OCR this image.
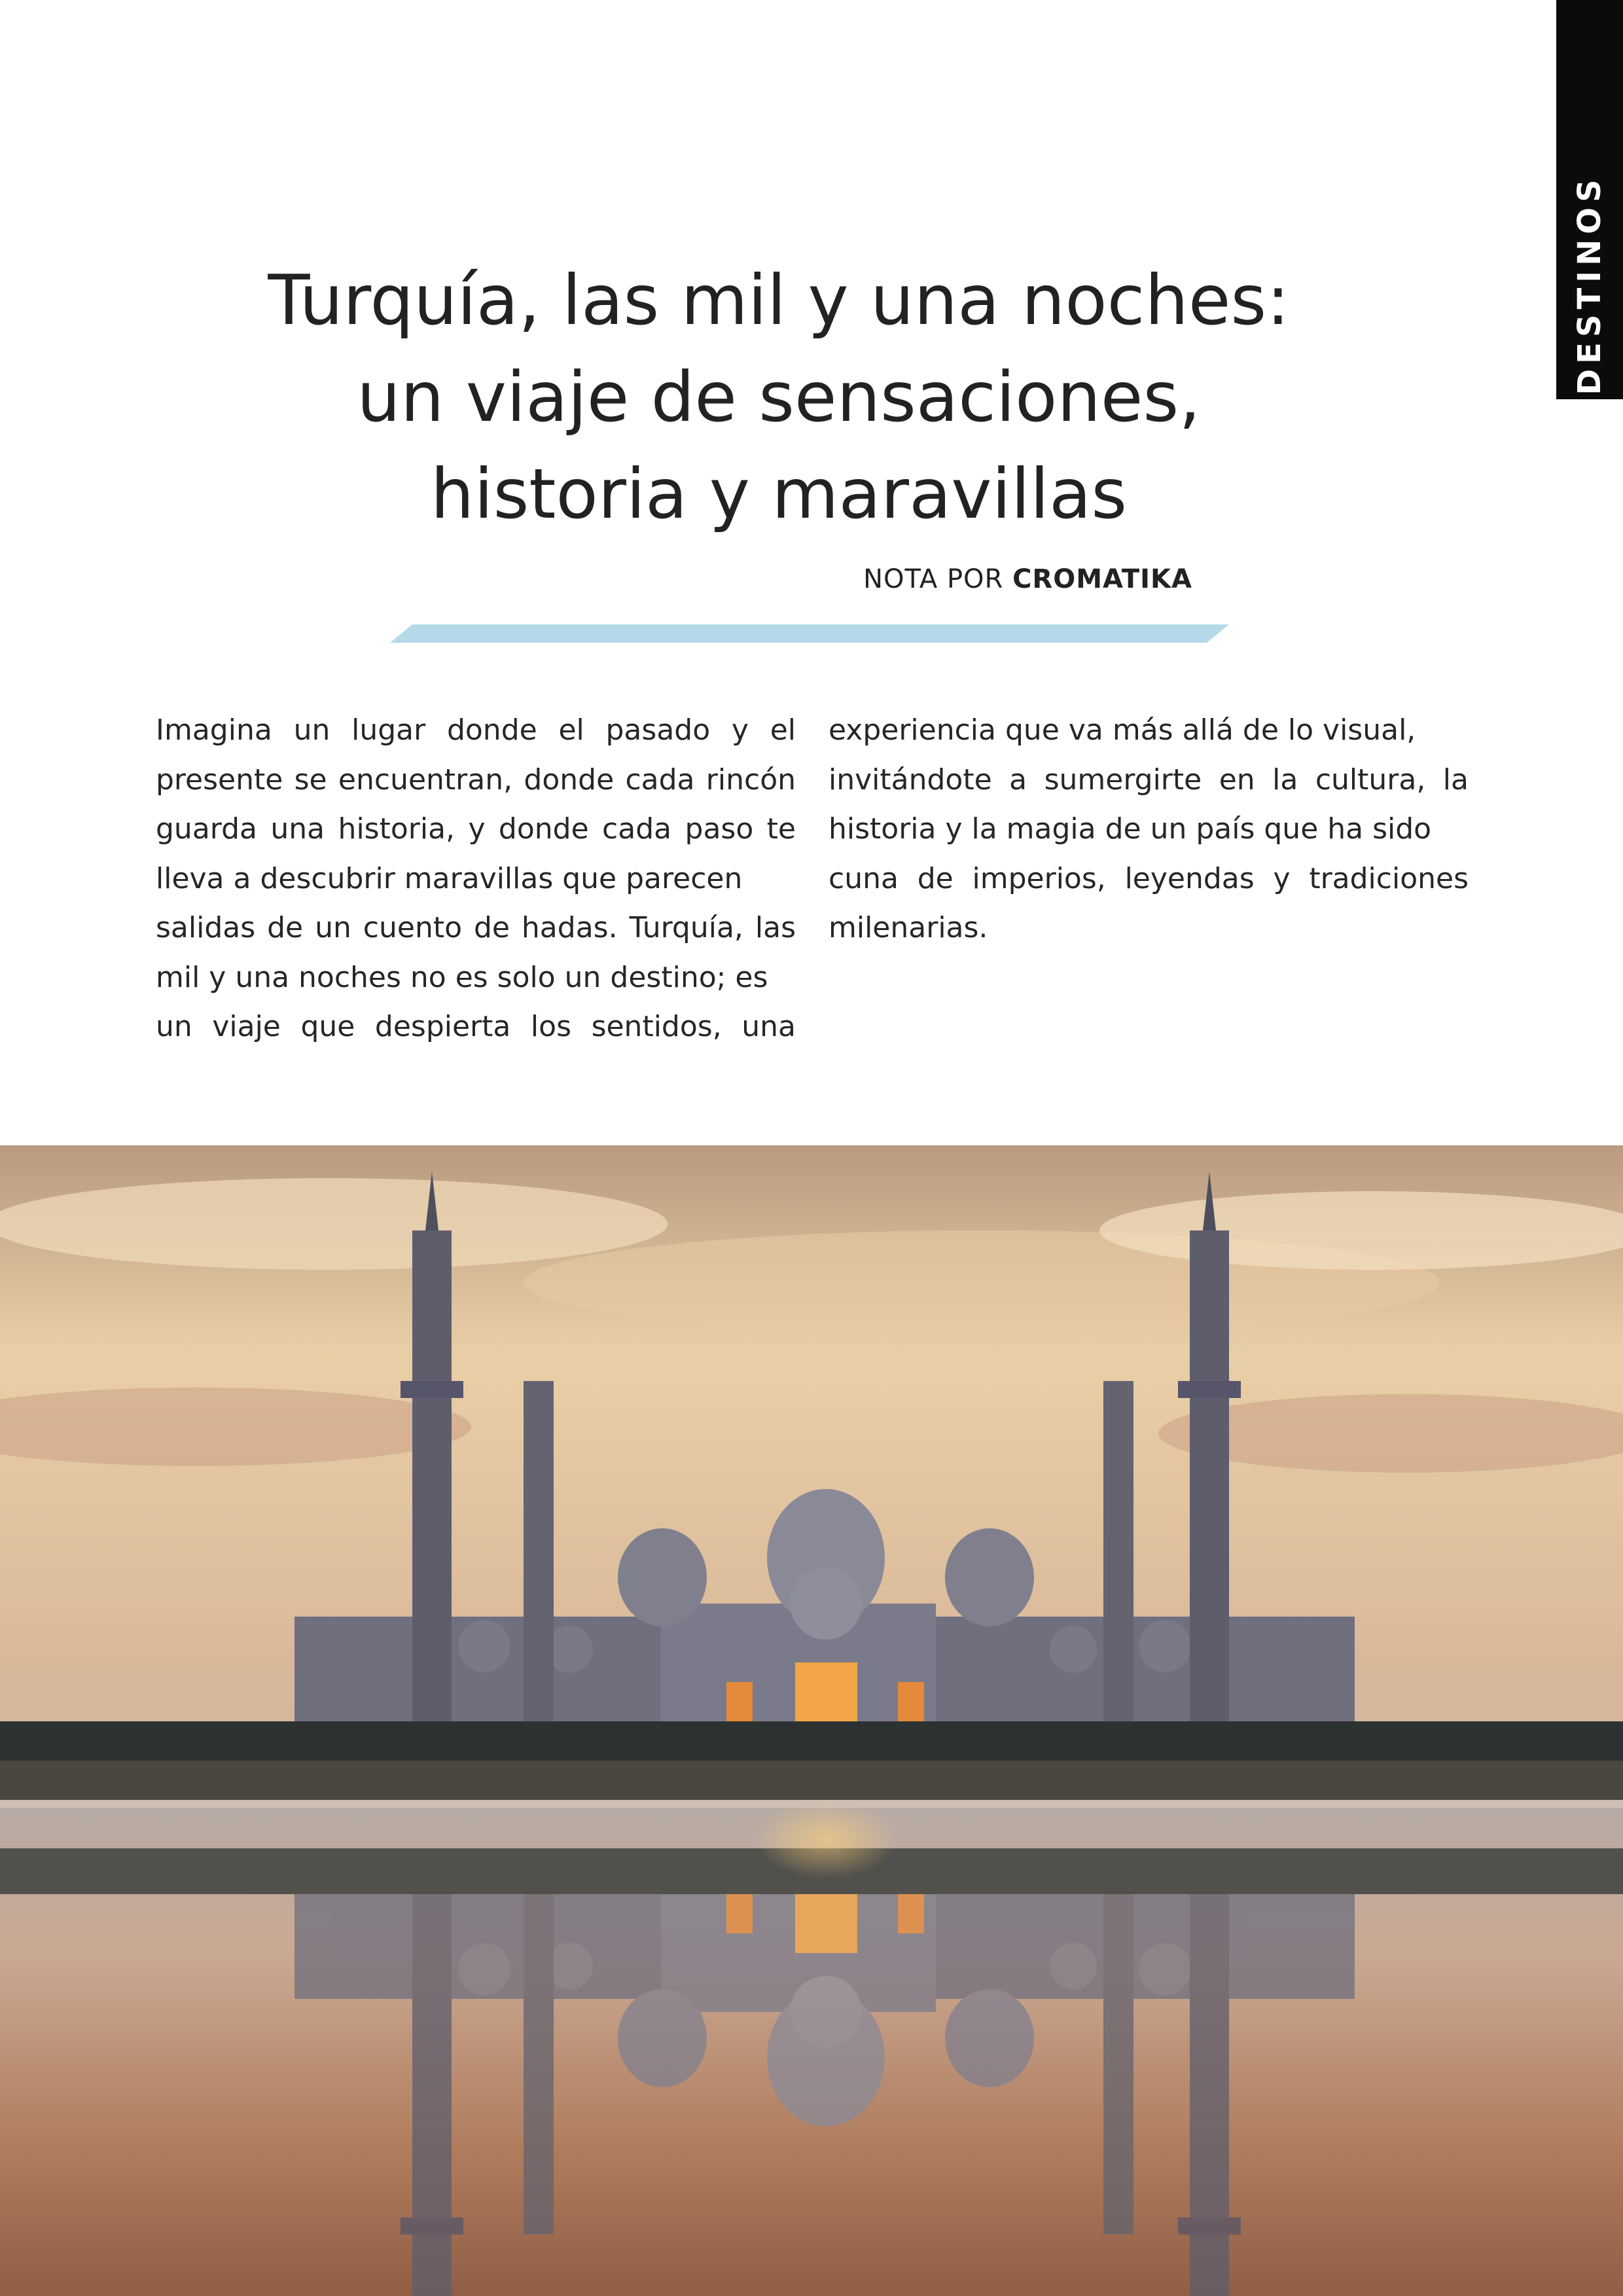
DESTINOS
Turquía, las mil y una noches:
un viaje de sensaciones,
historia y maravillas
NOTA POR CROMATIKA
Imagina un lugar donde el pasado y el
presente se encuentran, donde cada rincón
guarda una historia, y donde cada paso te
lleva a descubrir maravillas que parecen
salidas de un cuento de hadas. Turquía, las
mil y una noches no es solo un destino; es
un viaje que despierta los sentidos, una
experiencia que va más allá de lo visual,
invitándote a sumergirte en la cultura, la
historia y la magia de un país que ha sido
cuna de imperios, leyendas y tradiciones
milenarias.
